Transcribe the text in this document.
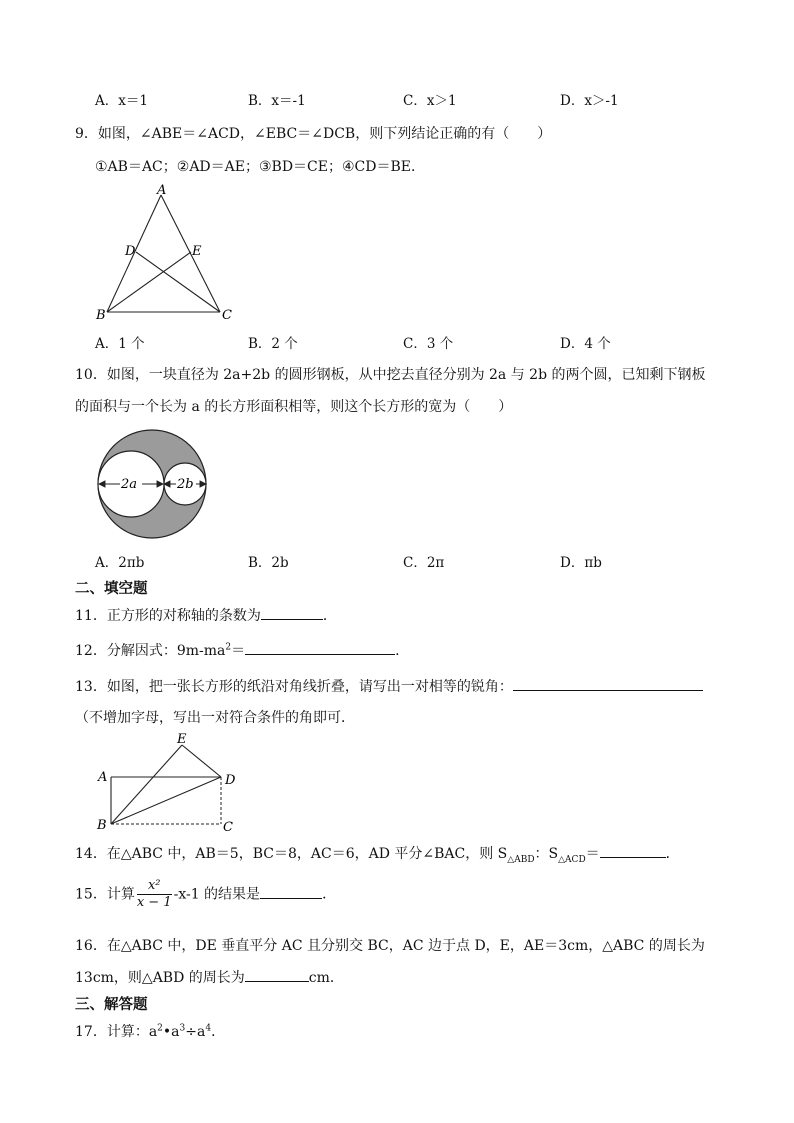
A．x＝1	B．x＝-1	C．x＞1	D．x＞-1
9．如图，∠ABE＝∠ACD，∠EBC＝∠DCB，则下列结论正确的有（　　）
①AB＝AC；②AD＝AE；③BD＝CE；④CD＝BE．
A
D	E
B	C
A．1 个	B．2 个	C．3 个	D．4 个
10．如图，一块直径为 2a+2b 的圆形钢板，从中挖去直径分别为 2a 与 2b 的两个圆，已知剩下钢板
的面积与一个长为 a 的长方形面积相等，则这个长方形的宽为（　　）
2a	2b
A．2πb	B．2b	C．2π	D．πb
二、填空题
11．正方形的对称轴的条数为	．
12．分解因式：$9m-ma^2=$	.
13．如图，把一张长方形的纸沿对角线折叠，请写出一对相等的锐角：
（不增加字母，写出一对符合条件的角即可．
E
A	D
B	C
14．在△ABC 中，AB＝5，BC＝8，AC＝6，AD 平分∠BAC，则 $S_{\triangle ABD}$：$S_{\triangle ACD}=$	．
15．计算 $\frac{\text{x²}}{x - 1} -x-1$ 的结果是	．
16．在△ABC 中，DE 垂直平分 AC 且分别交 BC，AC 边于点 D，E，AE＝3cm，△ABC 的周长为
13cm，则△ABD 的周长为	cm．
三、解答题
17．计算：$a^2•a^3\div a^4$．
